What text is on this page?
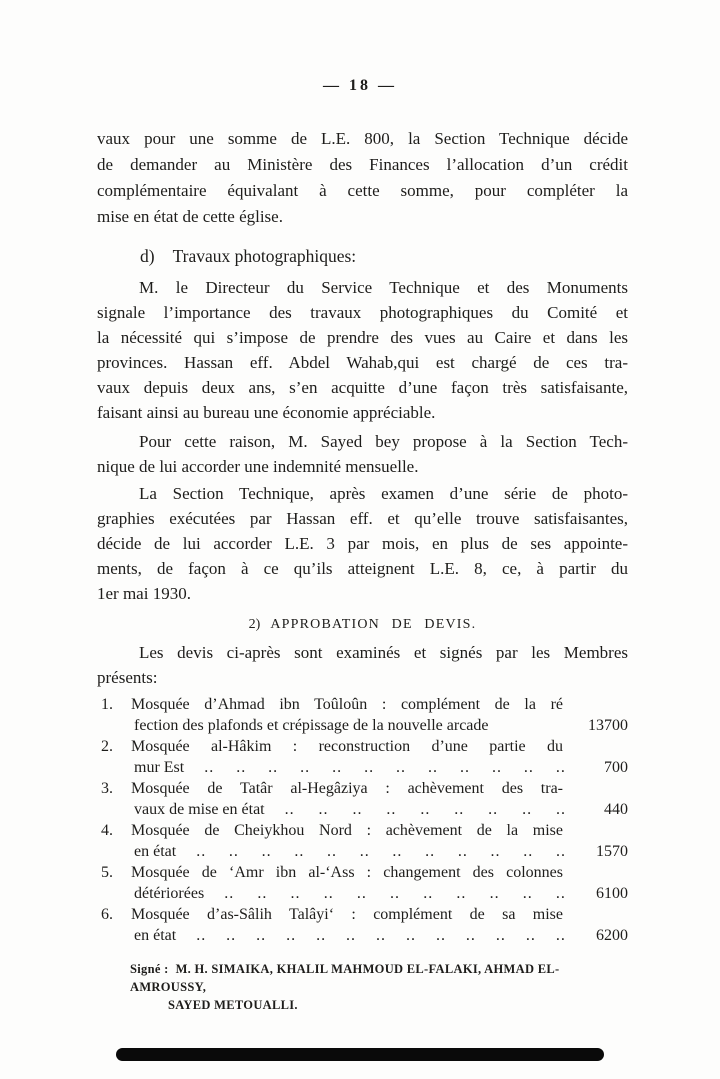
— 18 —
vaux pour une somme de L.E. 800, la Section Technique décide
de demander au Ministère des Finances l’allocation d’un crédit
complémentaire équivalant à cette somme, pour compléter la
mise en état de cette église.
d) Travaux photographiques:
M. le Directeur du Service Technique et des Monuments
signale l’importance des travaux photographiques du Comité et
la nécessité qui s’impose de prendre des vues au Caire et dans les
provinces. Hassan eff. Abdel Wahab,qui est chargé de ces tra-
vaux depuis deux ans, s’en acquitte d’une façon très satisfaisante,
faisant ainsi au bureau une économie appréciable.
Pour cette raison, M. Sayed bey propose à la Section Tech-
nique de lui accorder une indemnité mensuelle.
La Section Technique, après examen d’une série de photo-
graphies exécutées par Hassan eff. et qu’elle trouve satisfaisantes,
décide de lui accorder L.E. 3 par mois, en plus de ses appointe-
ments, de façon à ce qu’ils atteignent L.E. 8, ce, à partir du
1er mai 1930.
2) APPROBATION DE DEVIS.
Les devis ci-après sont examinés et signés par les Membres
présents:
1.	Mosquée d’Ahmad ibn Toûloûn : complément de la ré
fection des plafonds et crépissage de la nouvelle arcade	13700
2.	Mosquée al-Hâkim : reconstruction d’une partie du
mur Est .. .. .. .. .. .. .. .. .. .. .. ..	700
3.	Mosquée de Tatâr al-Hegâziya : achèvement des tra-
vaux de mise en état .. .. .. .. .. .. .. .. ..	440
4.	Mosquée de Cheiykhou Nord : achèvement de la mise
en état .. .. .. .. .. .. .. .. .. .. .. ..	1570
5.	Mosquée de ‘Amr ibn al-‘Ass : changement des colonnes
détériorées .. .. .. .. .. .. .. .. .. .. ..	6100
6.	Mosquée d’as-Sâlih Talâyi‘ : complément de sa mise
en état .. .. .. .. .. .. .. .. .. .. .. .. ..	6200
Signé : M. H. SIMAIKA, KHALIL MAHMOUD EL-FALAKI, AHMAD EL-AMROUSSY,
SAYED METOUALLI.
